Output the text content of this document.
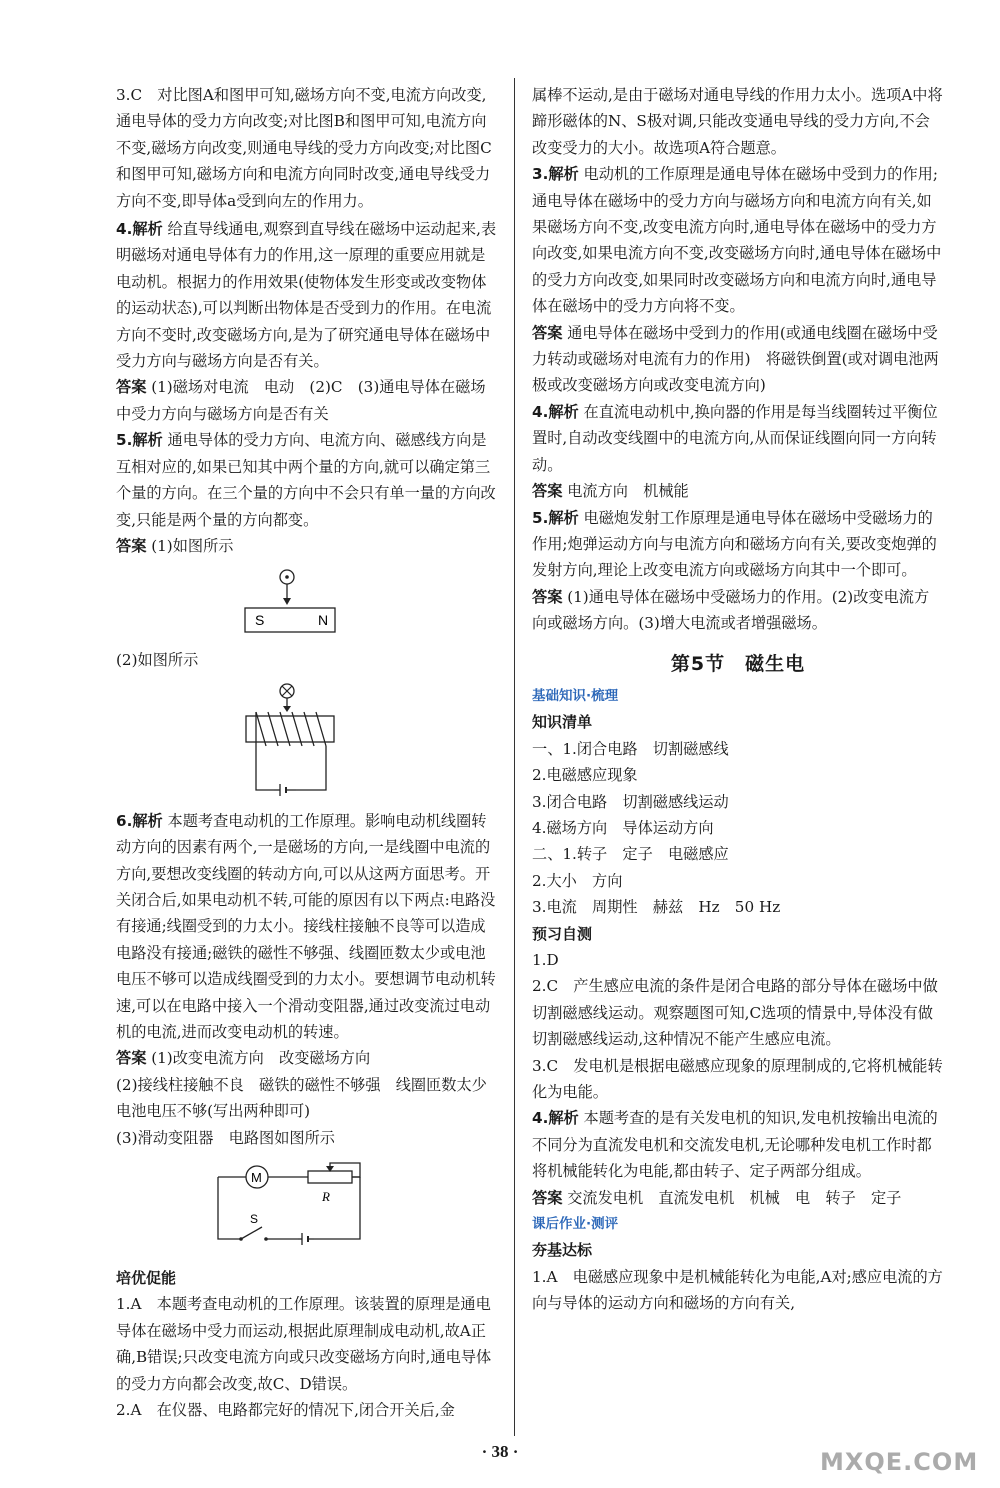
3.C　对比图A和图甲可知,磁场方向不变,电流方向改变,通电导体的受力方向改变;对比图B和图甲可知,电流方向不变,磁场方向改变,则通电导线的受力方向改变;对比图C和图甲可知,磁场方向和电流方向同时改变,通电导线受力方向不变,即导体a受到向左的作用力。

4.解析 给直导线通电,观察到直导线在磁场中运动起来,表明磁场对通电导体有力的作用,这一原理的重要应用就是电动机。根据力的作用效果(使物体发生形变或改变物体的运动状态),可以判断出物体是否受到力的作用。在电流方向不变时,改变磁场方向,是为了研究通电导体在磁场中受力方向与磁场方向是否有关。

答案 (1)磁场对电流　电动　(2)C　(3)通电导体在磁场中受力方向与磁场方向是否有关

5.解析 通电导体的受力方向、电流方向、磁感线方向是互相对应的,如果已知其中两个量的方向,就可以确定第三个量的方向。在三个量的方向中不会只有单一量的方向改变,只能是两个量的方向都变。

答案 (1)如图所示

S	N

(2)如图所示

6.解析 本题考查电动机的工作原理。影响电动机线圈转动方向的因素有两个,一是磁场的方向,一是线圈中电流的方向,要想改变线圈的转动方向,可以从这两方面思考。开关闭合后,如果电动机不转,可能的原因有以下两点:电路没有接通;线圈受到的力太小。接线柱接触不良等可以造成电路没有接通;磁铁的磁性不够强、线圈匝数太少或电池电压不够可以造成线圈受到的力太小。要想调节电动机转速,可以在电路中接入一个滑动变阻器,通过改变流过电动机的电流,进而改变电动机的转速。

答案 (1)改变电流方向　改变磁场方向

(2)接线柱接触不良　磁铁的磁性不够强　线圈匝数太少　电池电压不够(写出两种即可)

(3)滑动变阻器　电路图如图所示

M
R
S

培优促能

1.A　本题考查电动机的工作原理。该装置的原理是通电导体在磁场中受力而运动,根据此原理制成电动机,故A正确,B错误;只改变电流方向或只改变磁场方向时,通电导体的受力方向都会改变,故C、D错误。

2.A　在仪器、电路都完好的情况下,闭合开关后,金

属棒不运动,是由于磁场对通电导线的作用力太小。选项A中将蹄形磁体的N、S极对调,只能改变通电导线的受力方向,不会改变受力的大小。故选项A符合题意。

3.解析 电动机的工作原理是通电导体在磁场中受到力的作用;通电导体在磁场中的受力方向与磁场方向和电流方向有关,如果磁场方向不变,改变电流方向时,通电导体在磁场中的受力方向改变,如果电流方向不变,改变磁场方向时,通电导体在磁场中的受力方向改变,如果同时改变磁场方向和电流方向时,通电导体在磁场中的受力方向将不变。

答案 通电导体在磁场中受到力的作用(或通电线圈在磁场中受力转动或磁场对电流有力的作用)　将磁铁倒置(或对调电池两极或改变磁场方向或改变电流方向)

4.解析 在直流电动机中,换向器的作用是每当线圈转过平衡位置时,自动改变线圈中的电流方向,从而保证线圈向同一方向转动。

答案 电流方向　机械能

5.解析 电磁炮发射工作原理是通电导体在磁场中受磁场力的作用;炮弹运动方向与电流方向和磁场方向有关,要改变炮弹的发射方向,理论上改变电流方向或磁场方向其中一个即可。

答案 (1)通电导体在磁场中受磁场力的作用。(2)改变电流方向或磁场方向。(3)增大电流或者增强磁场。

第5节　磁生电

基础知识·梳理

知识清单

一、1.闭合电路　切割磁感线

2.电磁感应现象

3.闭合电路　切割磁感线运动

4.磁场方向　导体运动方向

二、1.转子　定子　电磁感应

2.大小　方向

3.电流　周期性　赫兹　Hz　50 Hz

预习自测

1.D

2.C　产生感应电流的条件是闭合电路的部分导体在磁场中做切割磁感线运动。观察题图可知,C选项的情景中,导体没有做切割磁感线运动,这种情况不能产生感应电流。

3.C　发电机是根据电磁感应现象的原理制成的,它将机械能转化为电能。

4.解析 本题考查的是有关发电机的知识,发电机按输出电流的不同分为直流发电机和交流发电机,无论哪种发电机工作时都将机械能转化为电能,都由转子、定子两部分组成。

答案 交流发电机　直流发电机　机械　电　转子　定子

课后作业·测评

夯基达标

1.A　电磁感应现象中是机械能转化为电能,A对;感应电流的方向与导体的运动方向和磁场的方向有关,

· 38 ·	MXQE.COM
